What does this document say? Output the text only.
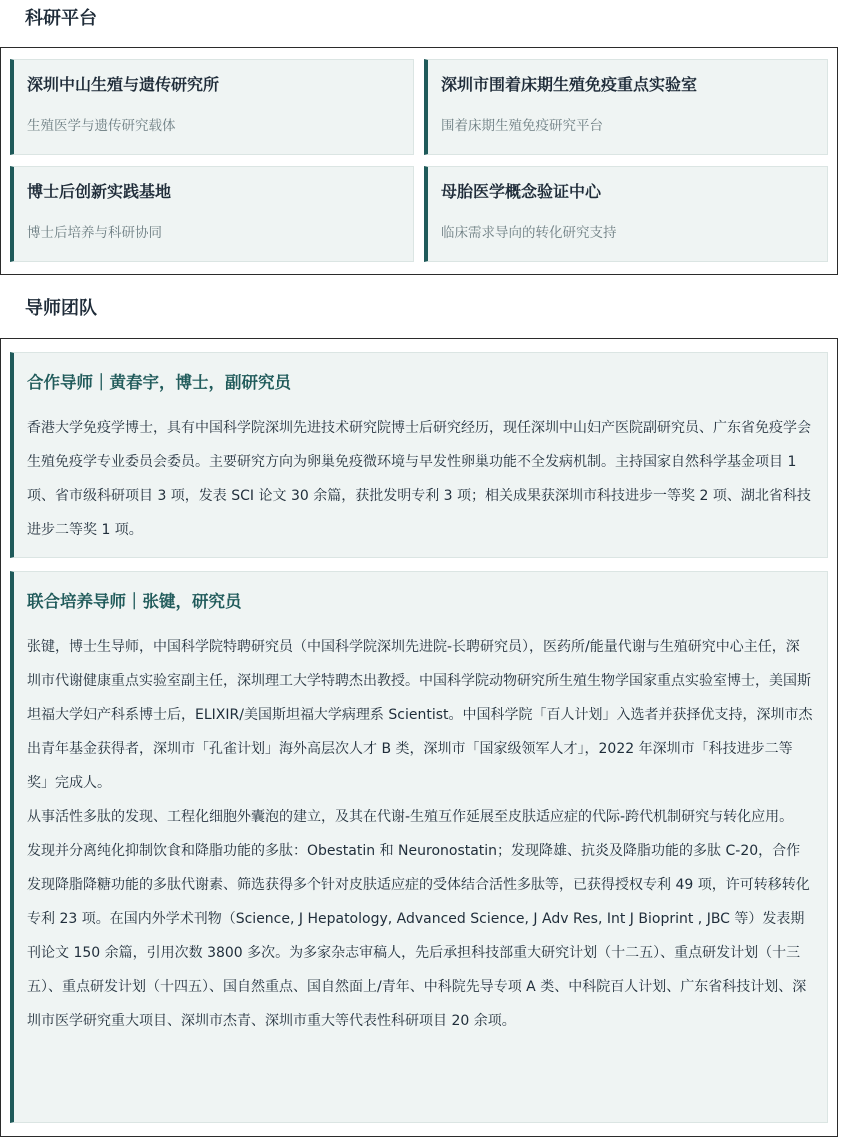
科研平台
深圳中山生殖与遗传研究所
生殖医学与遗传研究载体
深圳市围着床期生殖免疫重点实验室
围着床期生殖免疫研究平台
博士后创新实践基地
博士后培养与科研协同
母胎医学概念验证中心
临床需求导向的转化研究支持
导师团队
合作导师｜黄春宇，博士，副研究员

香港大学免疫学博士，具有中国科学院深圳先进技术研究院博士后研究经历，现任深圳中山妇产医院副研究员、广东省免疫学会生殖免疫学专业委员会委员。主要研究方向为卵巢免疫微环境与早发性卵巢功能不全发病机制。主持国家自然科学基金项目 1 项、省市级科研项目 3 项，发表 SCI 论文 30 余篇，获批发明专利 3 项；相关成果获深圳市科技进步一等奖 2 项、湖北省科技进步二等奖 1 项。

联合培养导师｜张键，研究员

张键，博士生导师，中国科学院特聘研究员（中国科学院深圳先进院-长聘研究员），医药所/能量代谢与生殖研究中心主任，深圳市代谢健康重点实验室副主任，深圳理工大学特聘杰出教授。中国科学院动物研究所生殖生物学国家重点实验室博士，美国斯坦福大学妇产科系博士后，ELIXIR/美国斯坦福大学病理系 Scientist。中国科学院「百人计划」入选者并获择优支持，深圳市杰出青年基金获得者，深圳市「孔雀计划」海外高层次人才 B 类，深圳市「国家级领军人才」，2022 年深圳市「科技进步二等奖」完成人。

从事活性多肽的发现、工程化细胞外囊泡的建立，及其在代谢-生殖互作延展至皮肤适应症的代际-跨代机制研究与转化应用。

发现并分离纯化抑制饮食和降脂功能的多肽：Obestatin 和 Neuronostatin；发现降雄、抗炎及降脂功能的多肽 C-20，合作发现降脂降糖功能的多肽代谢素、筛选获得多个针对皮肤适应症的受体结合活性多肽等，已获得授权专利 49 项，许可转移转化专利 23 项。在国内外学术刊物（Science, J Hepatology, Advanced Science, J Adv Res, Int J Bioprint , JBC 等）发表期刊论文 150 余篇，引用次数 3800 多次。为多家杂志审稿人，先后承担科技部重大研究计划（十二五）、重点研发计划（十三五）、重点研发计划（十四五）、国自然重点、国自然面上/青年、中科院先导专项 A 类、中科院百人计划、广东省科技计划、深圳市医学研究重大项目、深圳市杰青、深圳市重大等代表性科研项目 20 余项。
